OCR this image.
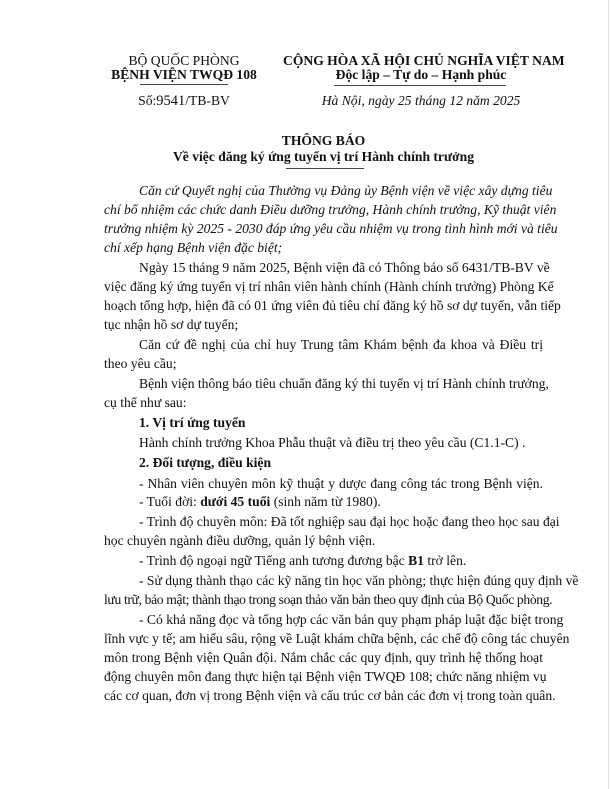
BỘ QUỐC PHÒNG
BỆNH VIỆN TWQĐ 108
Số:9541/TB-BV
CỘNG HÒA XÃ HỘI CHỦ NGHĨA VIỆT NAM
Độc lập – Tự do – Hạnh phúc
Hà Nội, ngày 25 tháng 12 năm 2025
THÔNG BÁO
Về việc đăng ký ứng tuyển vị trí Hành chính trưởng
Căn cứ Quyết nghị của Thường vụ Đảng ủy Bệnh viện về việc xây dựng tiêu
chí bổ nhiệm các chức danh Điều dưỡng trưởng, Hành chính trưởng, Kỹ thuật viên
trưởng nhiệm kỳ 2025 - 2030 đáp ứng yêu cầu nhiệm vụ trong tình hình mới và tiêu
chí xếp hạng Bệnh viện đặc biệt;
Ngày 15 tháng 9 năm 2025, Bệnh viện đã có Thông báo số 6431/TB-BV về
việc đăng ký ứng tuyển vị trí nhân viên hành chính (Hành chính trưởng) Phòng Kế
hoạch tổng hợp, hiện đã có 01 ứng viên đủ tiêu chí đăng ký hồ sơ dự tuyển, vẫn tiếp
tục nhận hồ sơ dự tuyển;
Căn cứ đề nghị của chỉ huy Trung tâm Khám bệnh đa khoa và Điều trị
theo yêu cầu;
Bệnh viện thông báo tiêu chuẩn đăng ký thi tuyển vị trí Hành chính trưởng,
cụ thể như sau:
1. Vị trí ứng tuyển
Hành chính trưởng Khoa Phẫu thuật và điều trị theo yêu cầu (C1.1-C) .
2. Đối tượng, điều kiện
- Nhân viên chuyên môn kỹ thuật y dược đang công tác trong Bệnh viện.
- Tuổi đời: dưới 45 tuổi (sinh năm từ 1980).
- Trình độ chuyên môn: Đã tốt nghiệp sau đại học hoặc đang theo học sau đại
học chuyên ngành điều dưỡng, quản lý bệnh viện.
- Trình độ ngoại ngữ Tiếng anh tương đương bậc B1 trở lên.
- Sử dụng thành thạo các kỹ năng tin học văn phòng; thực hiện đúng quy định về
lưu trữ, bảo mật; thành thạo trong soạn thảo văn bản theo quy định của Bộ Quốc phòng.
- Có khả năng đọc và tổng hợp các văn bản quy phạm pháp luật đặc biệt trong
lĩnh vực y tế; am hiểu sâu, rộng về Luật khám chữa bệnh, các chế độ công tác chuyên
môn trong Bệnh viện Quân đội. Nắm chắc các quy định, quy trình hệ thống hoạt
động chuyên môn đang thực hiện tại Bệnh viện TWQĐ 108; chức năng nhiệm vụ
các cơ quan, đơn vị trong Bệnh viện và cấu trúc cơ bản các đơn vị trong toàn quân.
